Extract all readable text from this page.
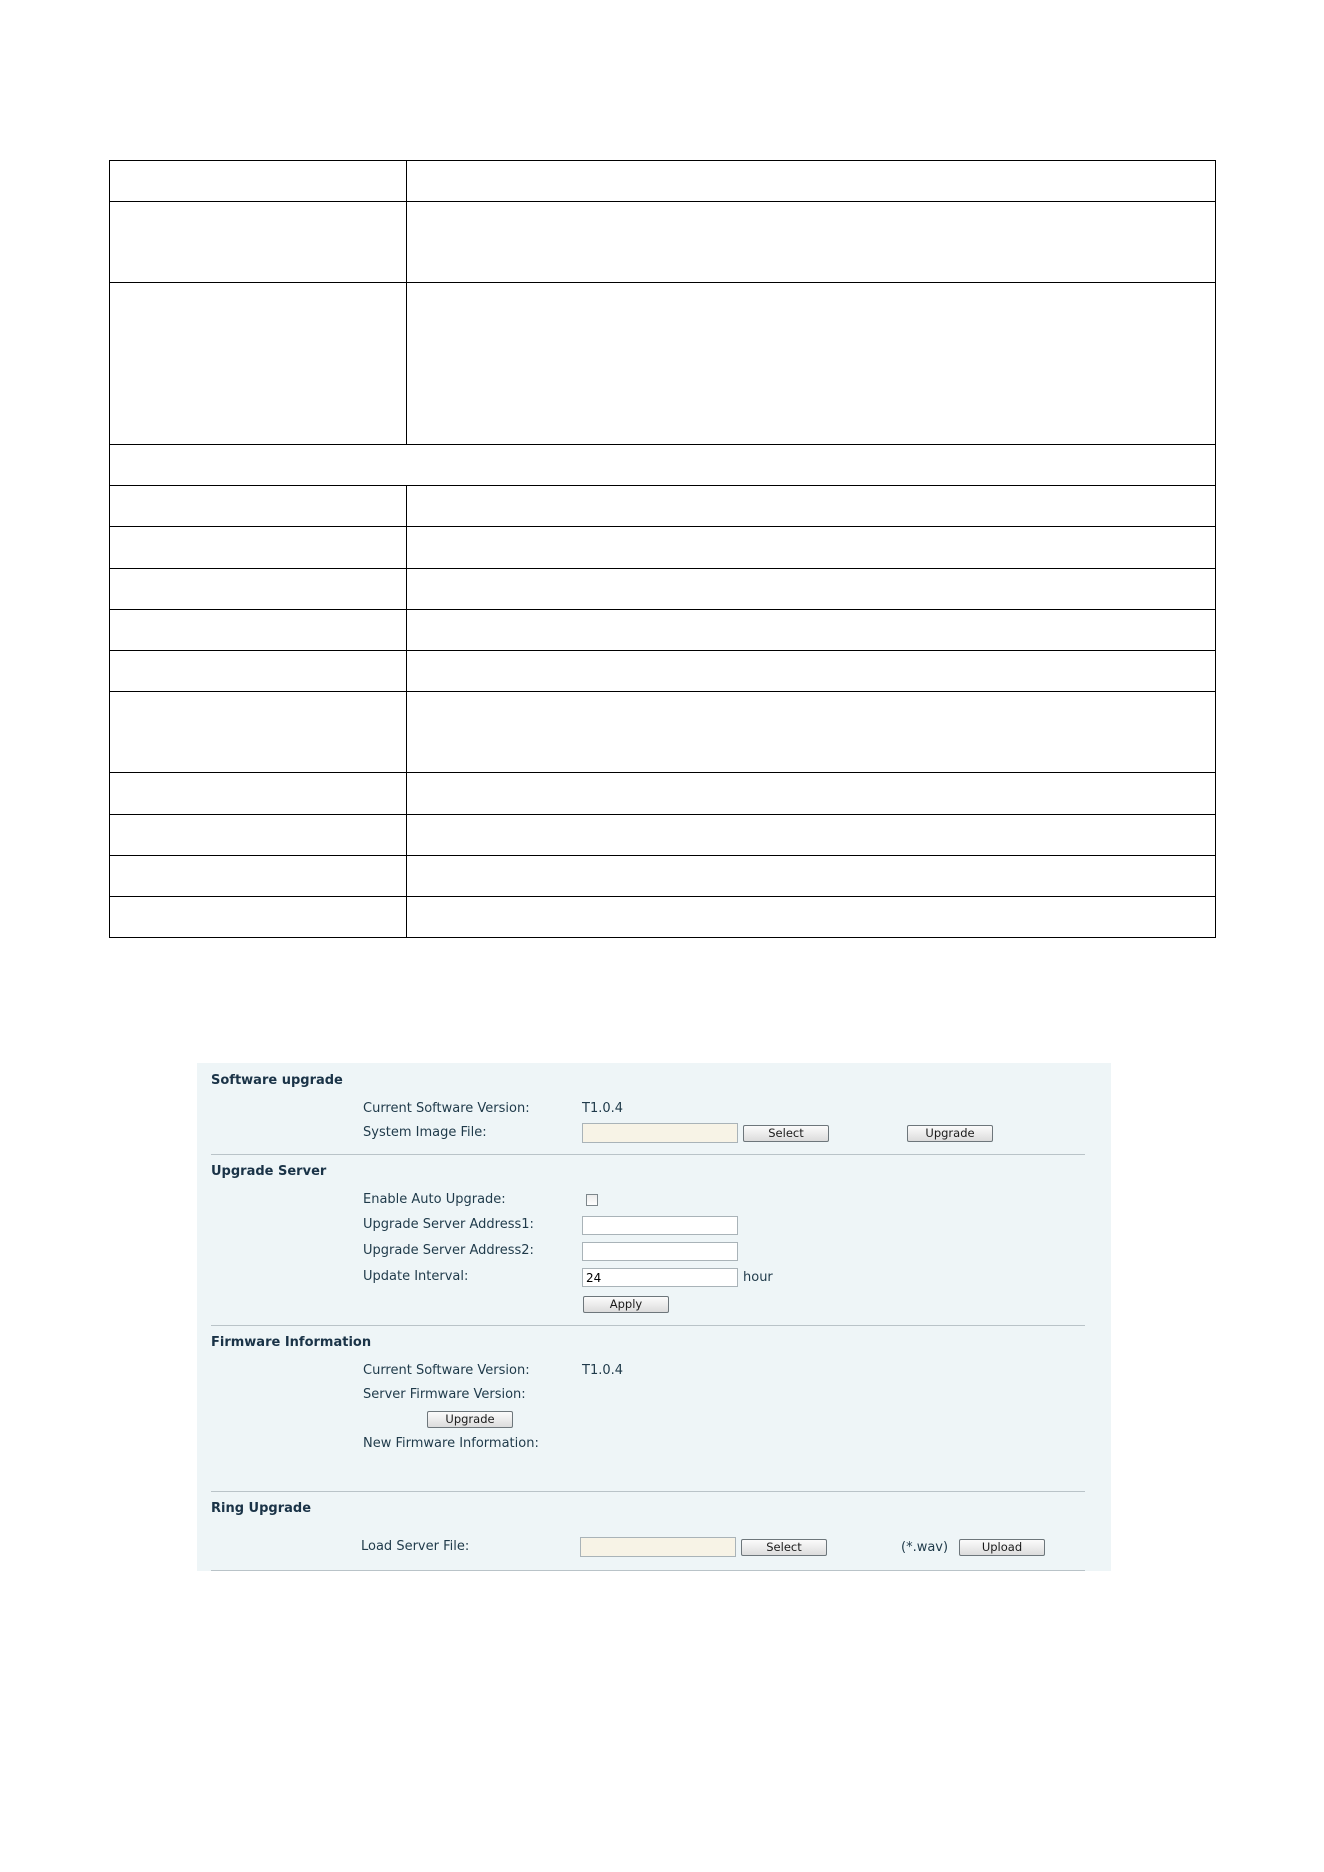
Software upgrade
Current Software Version:	T1.0.4
System Image File:	Select	Upgrade
Upgrade Server
Enable Auto Upgrade:
Upgrade Server Address1:
Upgrade Server Address2:
Update Interval:
24	hour
Apply
Firmware Information
Current Software Version:	T1.0.4
Server Firmware Version:
Upgrade
New Firmware Information:
Ring Upgrade
Load Server File:	Select	(*.wav)	Upload
